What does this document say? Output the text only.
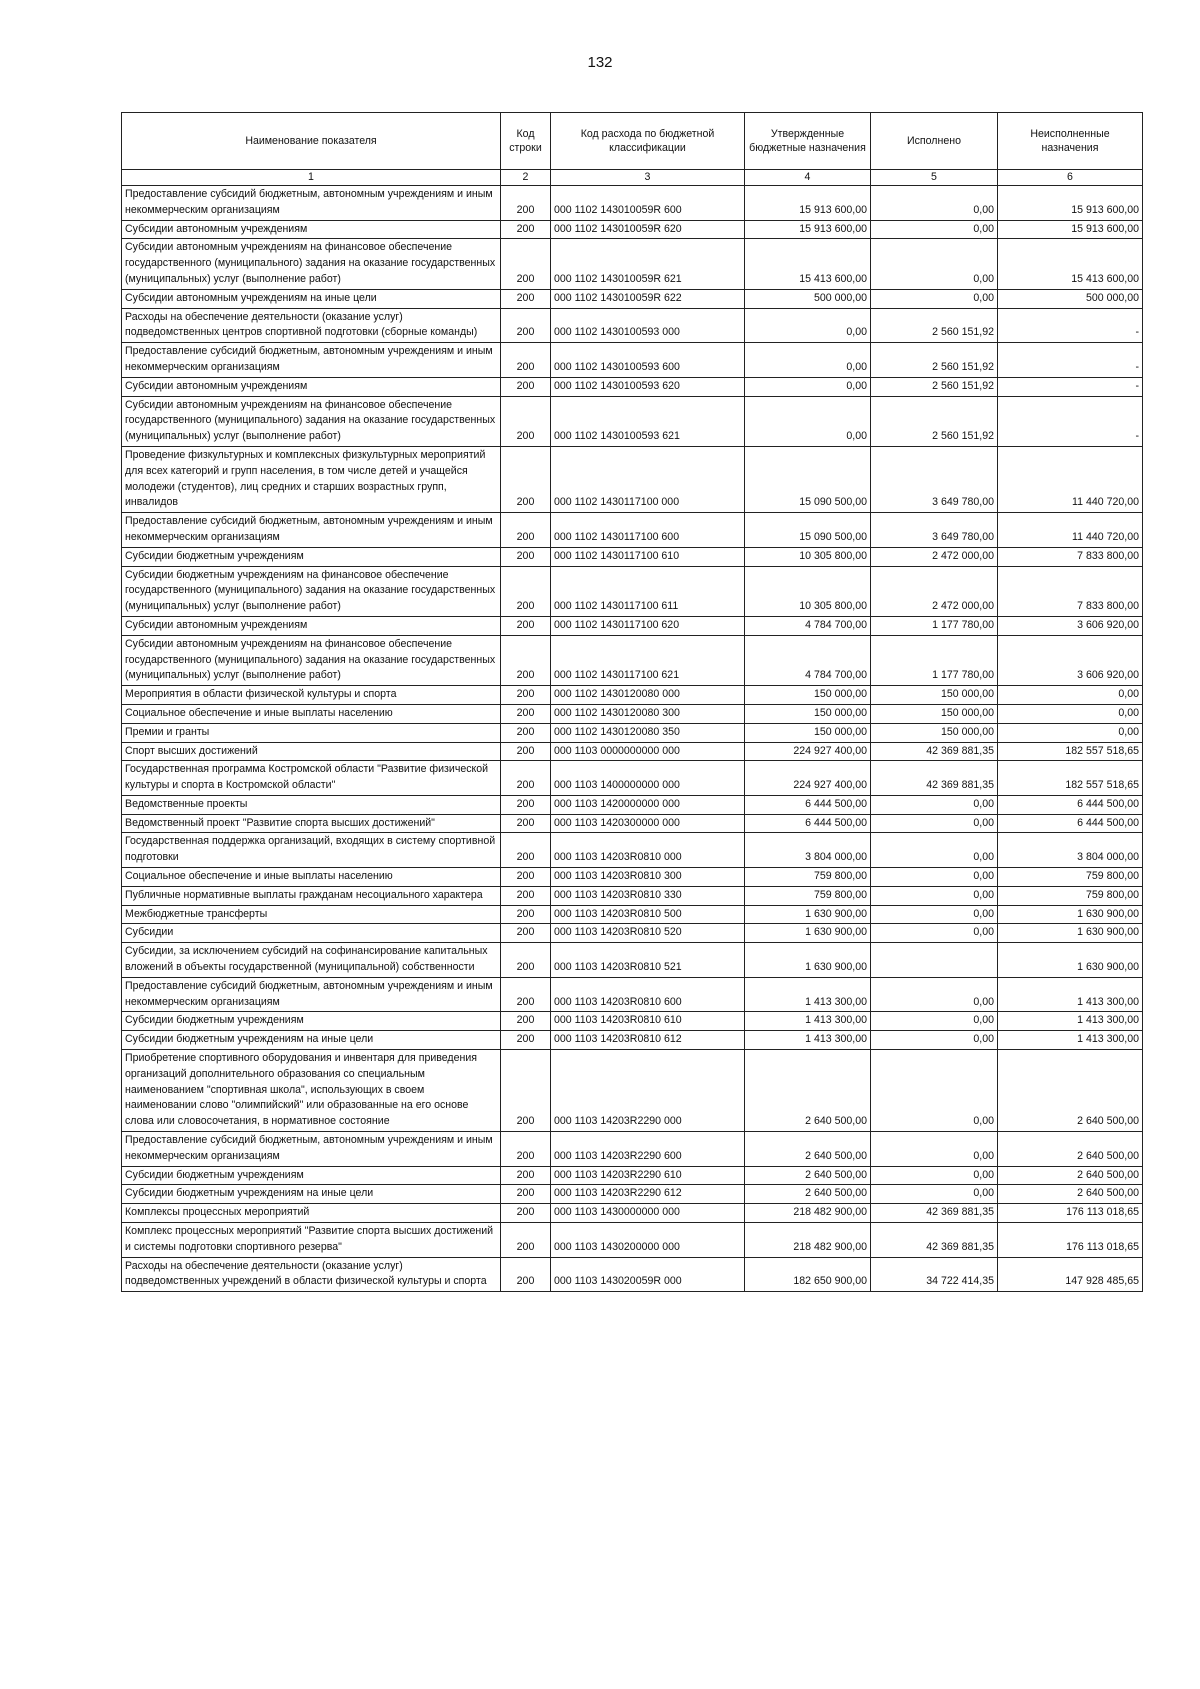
132
Наименование показателя	Код строки	Код расхода по бюджетной классификации	Утвержденные бюджетные назначения	Исполнено	Неисполненные назначения
1	2	3	4	5	6
Предоставление субсидий бюджетным, автономным учреждениям и иным некоммерческим организациям	200	000 1102 143010059R 600	15 913 600,00	0,00	15 913 600,00
Субсидии автономным учреждениям	200	000 1102 143010059R 620	15 913 600,00	0,00	15 913 600,00
Субсидии автономным учреждениям на финансовое обеспечение государственного (муниципального) задания на оказание государственных (муниципальных) услуг (выполнение работ)	200	000 1102 143010059R 621	15 413 600,00	0,00	15 413 600,00
Субсидии автономным учреждениям на иные цели	200	000 1102 143010059R 622	500 000,00	0,00	500 000,00
Расходы на обеспечение деятельности (оказание услуг) подведомственных центров спортивной подготовки (сборные команды)	200	000 1102 1430100593 000	0,00	2 560 151,92	-
Предоставление субсидий бюджетным, автономным учреждениям и иным некоммерческим организациям	200	000 1102 1430100593 600	0,00	2 560 151,92	-
Субсидии автономным учреждениям	200	000 1102 1430100593 620	0,00	2 560 151,92	-
Субсидии автономным учреждениям на финансовое обеспечение государственного (муниципального) задания на оказание государственных (муниципальных) услуг (выполнение работ)	200	000 1102 1430100593 621	0,00	2 560 151,92	-
Проведение физкультурных и комплексных физкультурных мероприятий для всех категорий и групп населения, в том числе детей и учащейся молодежи (студентов), лиц средних и старших возрастных групп, инвалидов	200	000 1102 1430117100 000	15 090 500,00	3 649 780,00	11 440 720,00
Предоставление субсидий бюджетным, автономным учреждениям и иным некоммерческим организациям	200	000 1102 1430117100 600	15 090 500,00	3 649 780,00	11 440 720,00
Субсидии бюджетным учреждениям	200	000 1102 1430117100 610	10 305 800,00	2 472 000,00	7 833 800,00
Субсидии бюджетным учреждениям на финансовое обеспечение государственного (муниципального) задания на оказание государственных (муниципальных) услуг (выполнение работ)	200	000 1102 1430117100 611	10 305 800,00	2 472 000,00	7 833 800,00
Субсидии автономным учреждениям	200	000 1102 1430117100 620	4 784 700,00	1 177 780,00	3 606 920,00
Субсидии автономным учреждениям на финансовое обеспечение государственного (муниципального) задания на оказание государственных (муниципальных) услуг (выполнение работ)	200	000 1102 1430117100 621	4 784 700,00	1 177 780,00	3 606 920,00
Мероприятия в области физической культуры и спорта	200	000 1102 1430120080 000	150 000,00	150 000,00	0,00
Социальное обеспечение и иные выплаты населению	200	000 1102 1430120080 300	150 000,00	150 000,00	0,00
Премии и гранты	200	000 1102 1430120080 350	150 000,00	150 000,00	0,00
Спорт высших достижений	200	000 1103 0000000000 000	224 927 400,00	42 369 881,35	182 557 518,65
Государственная программа Костромской области "Развитие физической культуры и спорта в Костромской области"	200	000 1103 1400000000 000	224 927 400,00	42 369 881,35	182 557 518,65
Ведомственные проекты	200	000 1103 1420000000 000	6 444 500,00	0,00	6 444 500,00
Ведомственный проект "Развитие спорта высших достижений"	200	000 1103 1420300000 000	6 444 500,00	0,00	6 444 500,00
Государственная поддержка организаций, входящих в систему спортивной подготовки	200	000 1103 14203R0810 000	3 804 000,00	0,00	3 804 000,00
Социальное обеспечение и иные выплаты населению	200	000 1103 14203R0810 300	759 800,00	0,00	759 800,00
Публичные нормативные выплаты гражданам несоциального характера	200	000 1103 14203R0810 330	759 800,00	0,00	759 800,00
Межбюджетные трансферты	200	000 1103 14203R0810 500	1 630 900,00	0,00	1 630 900,00
Субсидии	200	000 1103 14203R0810 520	1 630 900,00	0,00	1 630 900,00
Субсидии, за исключением субсидий на софинансирование капитальных вложений в объекты государственной (муниципальной) собственности	200	000 1103 14203R0810 521	1 630 900,00		1 630 900,00
Предоставление субсидий бюджетным, автономным учреждениям и иным некоммерческим организациям	200	000 1103 14203R0810 600	1 413 300,00	0,00	1 413 300,00
Субсидии бюджетным учреждениям	200	000 1103 14203R0810 610	1 413 300,00	0,00	1 413 300,00
Субсидии бюджетным учреждениям на иные цели	200	000 1103 14203R0810 612	1 413 300,00	0,00	1 413 300,00
Приобретение спортивного оборудования и инвентаря для приведения организаций дополнительного образования со специальным наименованием "спортивная школа", использующих в своем наименовании слово "олимпийский" или образованные на его основе слова или словосочетания, в нормативное состояние	200	000 1103 14203R2290 000	2 640 500,00	0,00	2 640 500,00
Предоставление субсидий бюджетным, автономным учреждениям и иным некоммерческим организациям	200	000 1103 14203R2290 600	2 640 500,00	0,00	2 640 500,00
Субсидии бюджетным учреждениям	200	000 1103 14203R2290 610	2 640 500,00	0,00	2 640 500,00
Субсидии бюджетным учреждениям на иные цели	200	000 1103 14203R2290 612	2 640 500,00	0,00	2 640 500,00
Комплексы процессных мероприятий	200	000 1103 1430000000 000	218 482 900,00	42 369 881,35	176 113 018,65
Комплекс процессных мероприятий "Развитие спорта высших достижений и системы подготовки спортивного резерва"	200	000 1103 1430200000 000	218 482 900,00	42 369 881,35	176 113 018,65
Расходы на обеспечение деятельности (оказание услуг) подведомственных учреждений в области физической культуры и спорта	200	000 1103 143020059R 000	182 650 900,00	34 722 414,35	147 928 485,65
